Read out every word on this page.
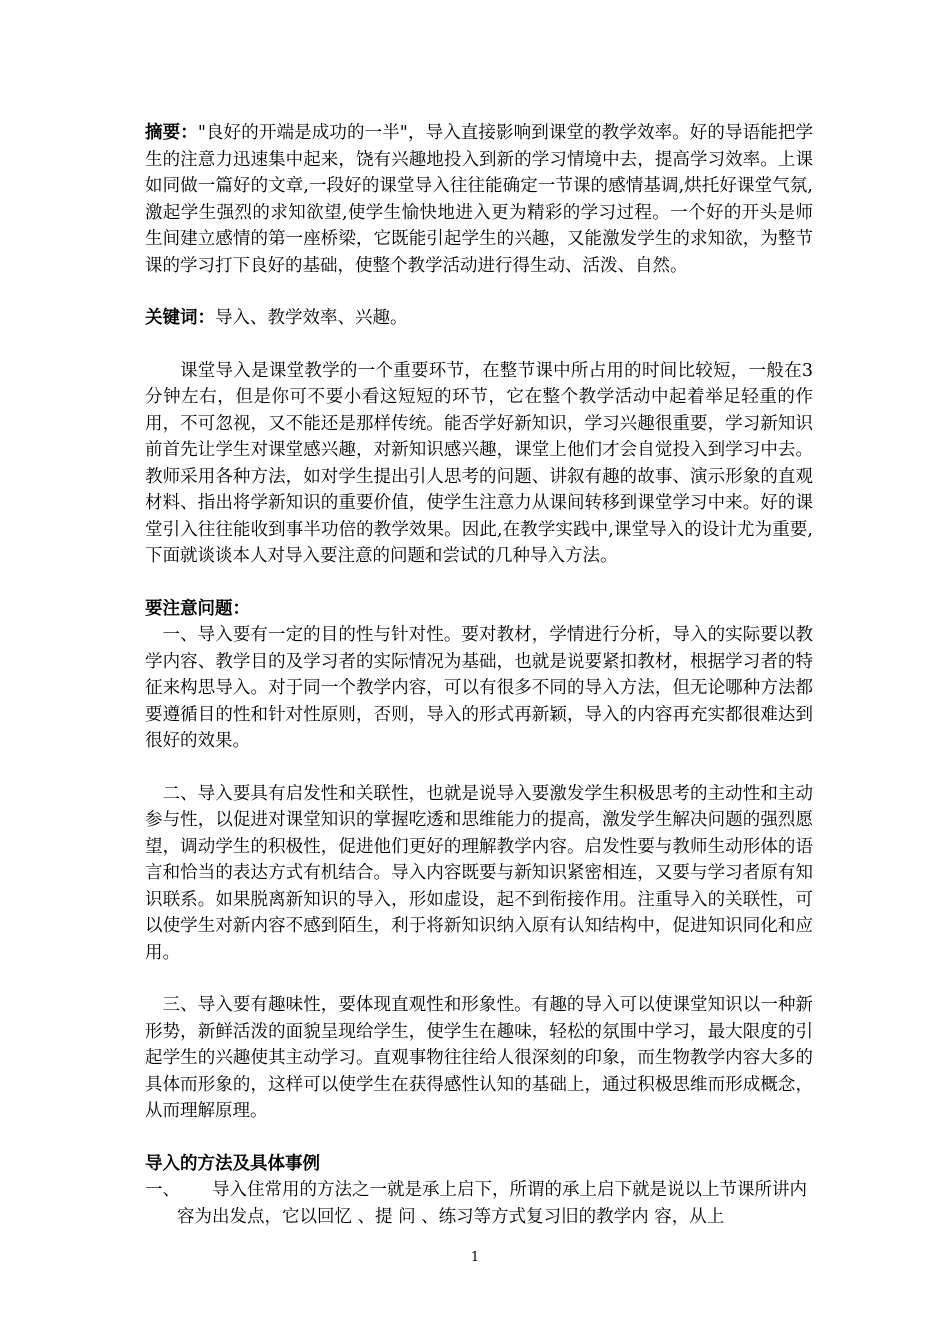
摘要："良好的开端是成功的一半"，导入直接影响到课堂的教学效率。好的导语能把学生的注意力迅速集中起来，饶有兴趣地投入到新的学习情境中去，提高学习效率。上课如同做一篇好的文章,一段好的课堂导入往往能确定一节课的感情基调,烘托好课堂气氛,激起学生强烈的求知欲望,使学生愉快地进入更为精彩的学习过程。一个好的开头是师生间建立感情的第一座桥梁，它既能引起学生的兴趣，又能激发学生的求知欲，为整节课的学习打下良好的基础，使整个教学活动进行得生动、活泼、自然。

关键词：导入、教学效率、兴趣。

课堂导入是课堂教学的一个重要环节，在整节课中所占用的时间比较短，一般在3分钟左右，但是你可不要小看这短短的环节，它在整个教学活动中起着举足轻重的作用，不可忽视，又不能还是那样传统。能否学好新知识，学习兴趣很重要，学习新知识前首先让学生对课堂感兴趣，对新知识感兴趣，课堂上他们才会自觉投入到学习中去。教师采用各种方法，如对学生提出引人思考的问题、讲叙有趣的故事、演示形象的直观材料、指出将学新知识的重要价值，使学生注意力从课间转移到课堂学习中来。好的课堂引入往往能收到事半功倍的教学效果。因此,在教学实践中,课堂导入的设计尤为重要,下面就谈谈本人对导入要注意的问题和尝试的几种导入方法。

要注意问题：

一、导入要有一定的目的性与针对性。要对教材，学情进行分析，导入的实际要以教学内容、教学目的及学习者的实际情况为基础，也就是说要紧扣教材，根据学习者的特征来构思导入。对于同一个教学内容，可以有很多不同的导入方法，但无论哪种方法都要遵循目的性和针对性原则，否则，导入的形式再新颖，导入的内容再充实都很难达到很好的效果。

二、导入要具有启发性和关联性，也就是说导入要激发学生积极思考的主动性和主动参与性，以促进对课堂知识的掌握吃透和思维能力的提高，激发学生解决问题的强烈愿望，调动学生的积极性，促进他们更好的理解教学内容。启发性要与教师生动形体的语言和恰当的表达方式有机结合。导入内容既要与新知识紧密相连，又要与学习者原有知识联系。如果脱离新知识的导入，形如虚设，起不到衔接作用。注重导入的关联性，可以使学生对新内容不感到陌生，利于将新知识纳入原有认知结构中，促进知识同化和应用。

三、导入要有趣味性，要体现直观性和形象性。有趣的导入可以使课堂知识以一种新形势，新鲜活泼的面貌呈现给学生，使学生在趣味，轻松的氛围中学习，最大限度的引起学生的兴趣使其主动学习。直观事物往往给人很深刻的印象，而生物教学内容大多的具体而形象的，这样可以使学生在获得感性认知的基础上，通过积极思维而形成概念，从而理解原理。

导入的方法及具体事例

一、	导入住常用的方法之一就是承上启下，所谓的承上启下就是说以上节课所讲内容为出发点，它以回忆 、提 问 、练习等方式复习旧的教学内 容，从上
1
